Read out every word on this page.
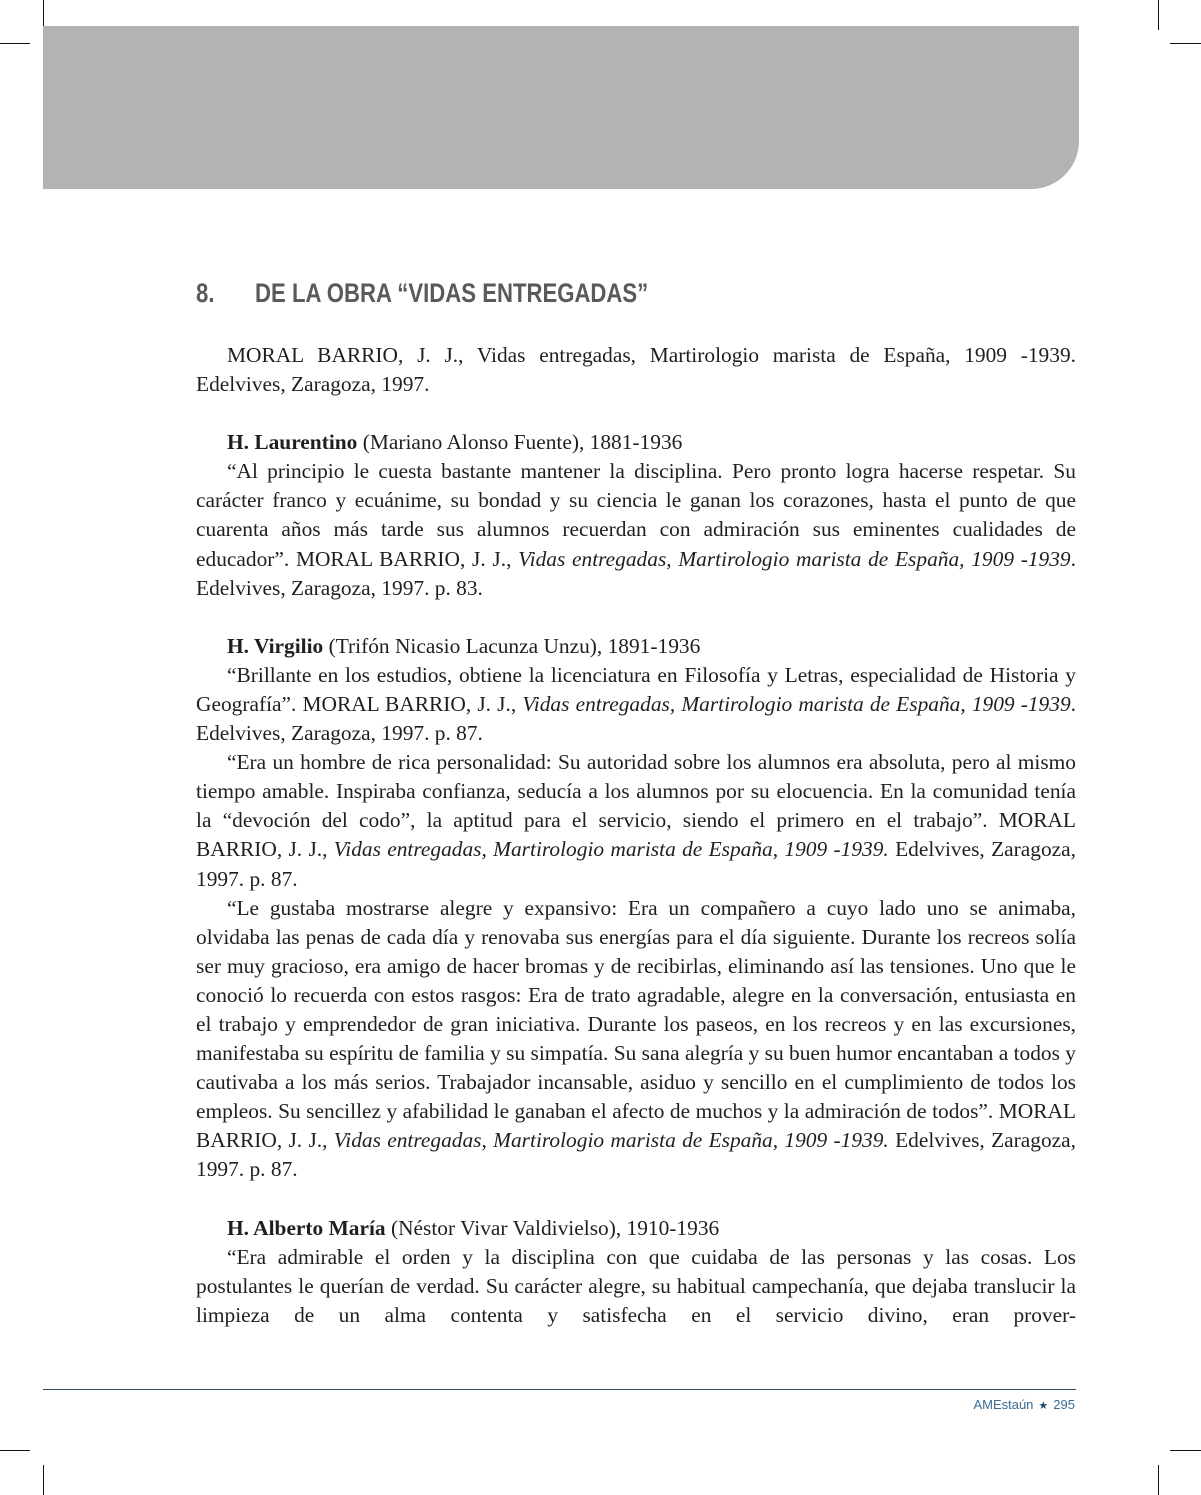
8. DE LA OBRA “VIDAS ENTREGADAS”

MORAL BARRIO, J. J., Vidas entregadas, Martirologio marista de España, 1909 -1939. Edelvives, Zaragoza, 1997.

H. Laurentino (Mariano Alonso Fuente), 1881-1936

“Al principio le cuesta bastante mantener la disciplina. Pero pronto logra hacerse respetar. Su carácter franco y ecuánime, su bondad y su ciencia le ganan los corazones, hasta el punto de que cuarenta años más tarde sus alumnos recuerdan con admiración sus eminentes cualidades de educador”. MORAL BARRIO, J. J., Vidas entregadas, Martirologio marista de España, 1909 -1939. Edelvives, Zaragoza, 1997. p. 83.

H. Virgilio (Trifón Nicasio Lacunza Unzu), 1891-1936

“Brillante en los estudios, obtiene la licenciatura en Filosofía y Letras, especialidad de Historia y Geografía”. MORAL BARRIO, J. J., Vidas entregadas, Martirologio marista de España, 1909 -1939. Edelvives, Zaragoza, 1997. p. 87.

“Era un hombre de rica personalidad: Su autoridad sobre los alumnos era absoluta, pero al mismo tiempo amable. Inspiraba confianza, seducía a los alumnos por su elocuencia. En la comunidad tenía la “devoción del codo”, la aptitud para el servicio, siendo el primero en el trabajo”. MORAL BARRIO, J. J., Vidas entregadas, Martirologio marista de España, 1909 -1939. Edelvives, Zaragoza, 1997. p. 87.

“Le gustaba mostrarse alegre y expansivo: Era un compañero a cuyo lado uno se animaba, olvidaba las penas de cada día y renovaba sus energías para el día siguiente. Durante los recreos solía ser muy gracioso, era amigo de hacer bromas y de recibirlas, eliminando así las tensiones. Uno que le conoció lo recuerda con estos rasgos: Era de trato agradable, alegre en la conversación, entusiasta en el trabajo y emprendedor de gran iniciativa. Durante los paseos, en los recreos y en las excursiones, manifestaba su espíritu de familia y su simpatía. Su sana alegría y su buen humor encantaban a todos y cautivaba a los más serios. Trabajador incansable, asiduo y sencillo en el cumplimiento de todos los empleos. Su sencillez y afabilidad le ganaban el afecto de muchos y la admiración de todos”. MORAL BARRIO, J. J., Vidas entregadas, Martirologio marista de España, 1909 -1939. Edelvives, Zaragoza, 1997. p. 87.

H. Alberto María (Néstor Vivar Valdivielso), 1910-1936

“Era admirable el orden y la disciplina con que cuidaba de las personas y las cosas. Los postulantes le querían de verdad. Su carácter alegre, su habitual campechanía, que dejaba translucir la limpieza de un alma contenta y satisfecha en el servicio divino, eran prover-

AMEstaún ★ 295
